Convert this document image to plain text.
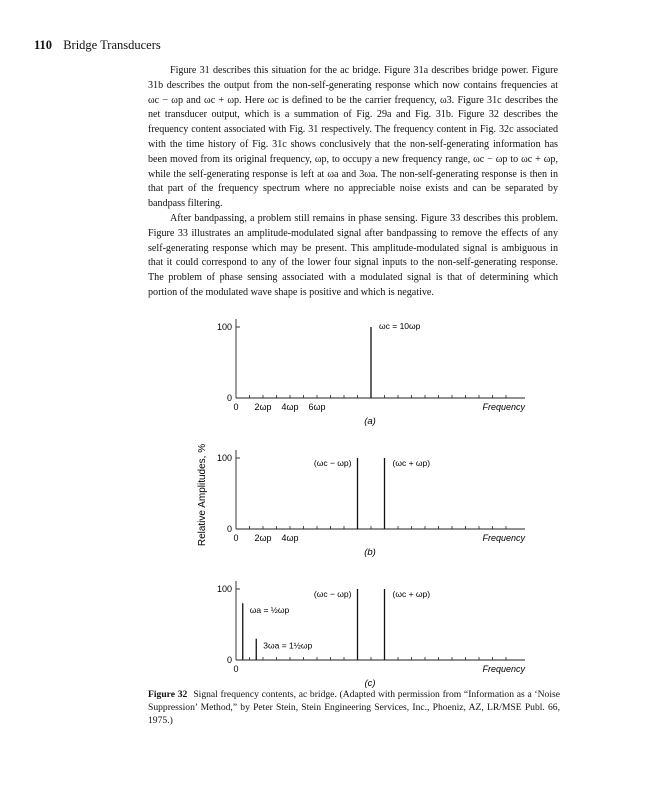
110 Bridge Transducers

Figure 31 describes this situation for the ac bridge. Figure 31a describes bridge power. Figure 31b describes the output from the non-self-generating response which now contains frequencies at ωc − ωp and ωc + ωp. Here ωc is defined to be the carrier frequency, ω3. Figure 31c describes the net transducer output, which is a summation of Fig. 29a and Fig. 31b. Figure 32 describes the frequency content associated with Fig. 31 respectively. The frequency content in Fig. 32c associated with the time history of Fig. 31c shows conclusively that the non-self-generating information has been moved from its original frequency, ωp, to occupy a new frequency range, ωc − ωp to ωc + ωp, while the self-generating response is left at ωa and 3ωa. The non-self-generating response is then in that part of the frequency spectrum where no appreciable noise exists and can be separated by bandpass filtering.

After bandpassing, a problem still remains in phase sensing. Figure 33 describes this problem. Figure 33 illustrates an amplitude-modulated signal after bandpassing to remove the effects of any self-generating response which may be present. This amplitude-modulated signal is ambiguous in that it could correspond to any of the lower four signal inputs to the non-self-generating response. The problem of phase sensing associated with a modulated signal is that of determining which portion of the modulated wave shape is positive and which is negative.

Relative Amplitudes, %
100
0
0 2ωp 4ωp 6ωp	Frequency
(a)
ωc = 10ωp
100
0
0 2ωp 4ωp	Frequency
(b)
(ωc − ωp)	(ωc + ωp)
100
0
0	Frequency
(c)
ωa = ½ωp
3ωa = 1½ωp
(ωc − ωp)	(ωc + ωp)
Figure 32 Signal frequency contents, ac bridge. (Adapted with permission from “Information as a ‘Noise Suppression’ Method,” by Peter Stein, Stein Engineering Services, Inc., Phoeniz, AZ, LR/MSE Publ. 66, 1975.)
